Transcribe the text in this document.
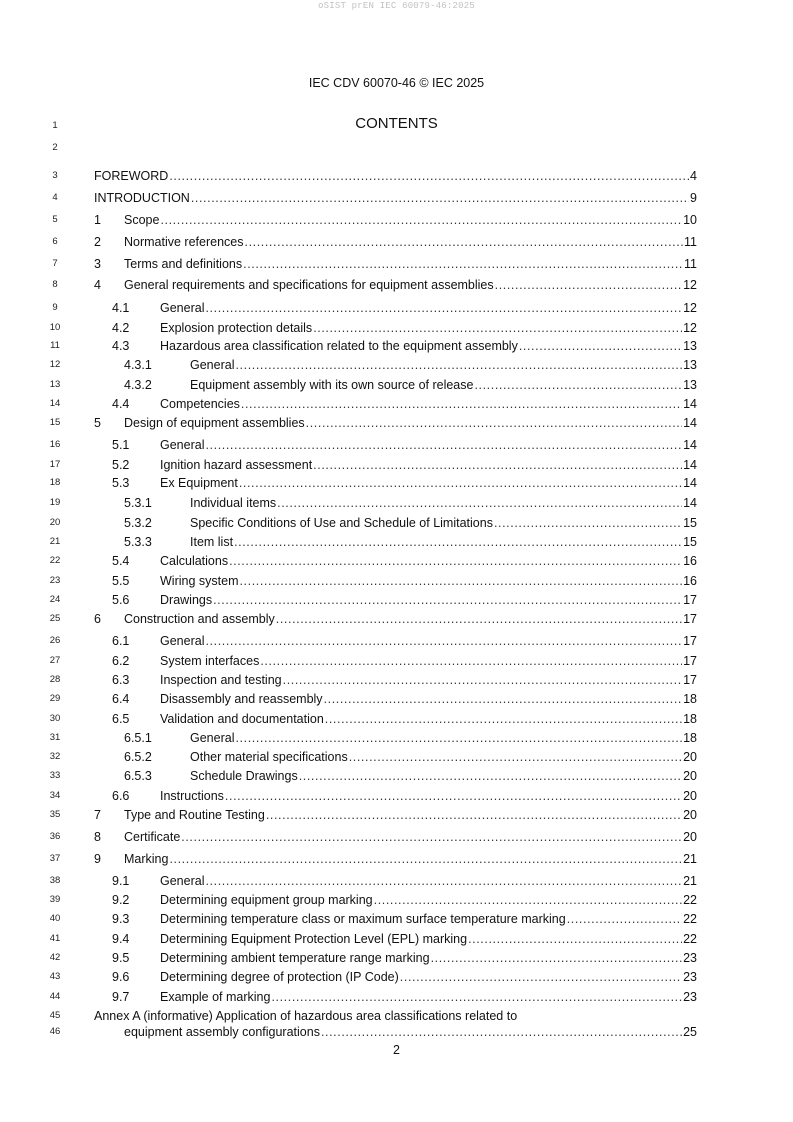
oSIST prEN IEC 60079-46:2025
IEC CDV 60070-46 © IEC 2025
1	CONTENTS
2
3	FOREWORD .....	4
4	INTRODUCTION .....	9
5	1	Scope .....	10
6	2	Normative references .....	11
7	3	Terms and definitions .....	11
8	4	General requirements and specifications for equipment assemblies .....	12
9	4.1	General .....	12
10	4.2	Explosion protection details .....	12
11	4.3	Hazardous area classification related to the equipment assembly .....	13
12	4.3.1	General .....	13
13	4.3.2	Equipment assembly with its own source of release .....	13
14	4.4	Competencies .....	14
15	5	Design of equipment assemblies .....	14
16	5.1	General .....	14
17	5.2	Ignition hazard assessment .....	14
18	5.3	Ex Equipment .....	14
19	5.3.1	Individual items .....	14
20	5.3.2	Specific Conditions of Use and Schedule of Limitations .....	15
21	5.3.3	Item list .....	15
22	5.4	Calculations .....	16
23	5.5	Wiring system .....	16
24	5.6	Drawings .....	17
25	6	Construction and assembly .....	17
26	6.1	General .....	17
27	6.2	System interfaces .....	17
28	6.3	Inspection and testing .....	17
29	6.4	Disassembly and reassembly .....	18
30	6.5	Validation and documentation .....	18
31	6.5.1	General .....	18
32	6.5.2	Other material specifications .....	20
33	6.5.3	Schedule Drawings .....	20
34	6.6	Instructions .....	20
35	7	Type and Routine Testing .....	20
36	8	Certificate .....	20
37	9	Marking .....	21
38	9.1	General .....	21
39	9.2	Determining equipment group marking .....	22
40	9.3	Determining temperature class or maximum surface temperature marking .....	22
41	9.4	Determining Equipment Protection Level (EPL) marking .....	22
42	9.5	Determining ambient temperature range marking .....	23
43	9.6	Determining degree of protection (IP Code) .....	23
44	9.7	Example of marking .....	23
45
46
Annex A (informative) Application of hazardous area classifications related to
equipment assembly configurations .....	25
2
